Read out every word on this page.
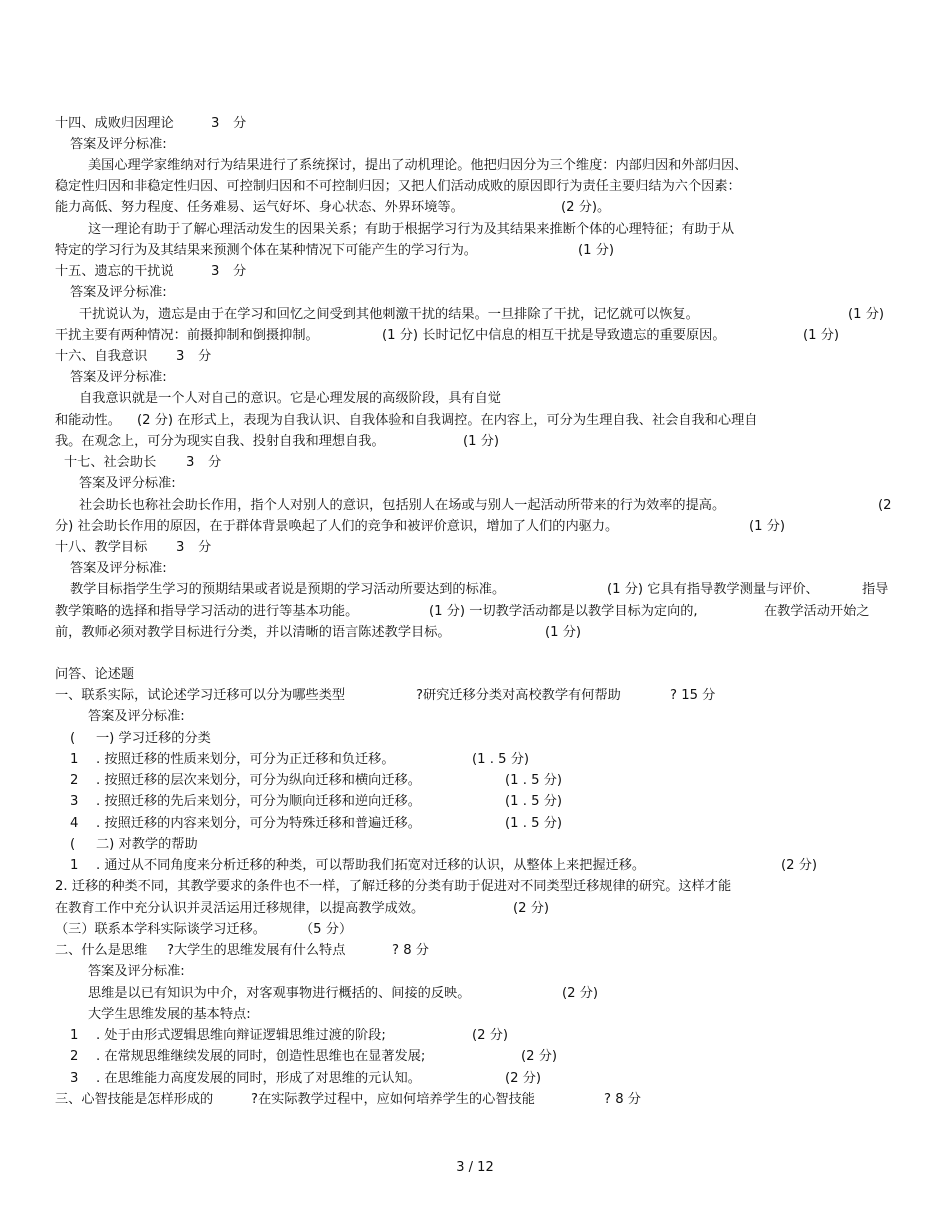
十四、成败归因理论	3 分
答案及评分标准:
美国心理学家维纳对行为结果进行了系统探讨，提出了动机理论。他把归因分为三个维度：内部归因和外部归因、
稳定性归因和非稳定性归因、可控制归因和不可控制归因；又把人们活动成败的原因即行为责任主要归结为六个因素：
能力高低、努力程度、任务难易、运气好坏、身心状态、外界环境等。	(2 分)。
这一理论有助于了解心理活动发生的因果关系；有助于根据学习行为及其结果来推断个体的心理特征；有助于从
特定的学习行为及其结果来预测个体在某种情况下可能产生的学习行为。	(1 分)
十五、遗忘的干扰说	3 分
答案及评分标准:
干扰说认为，遗忘是由于在学习和回忆之间受到其他刺激干扰的结果。一旦排除了干扰，记忆就可以恢复。	(1 分)
干扰主要有两种情况：前摄抑制和倒摄抑制。	(1 分) 长时记忆中信息的相互干扰是导致遗忘的重要原因。	(1 分)
十六、自我意识 3 分
答案及评分标准:
自我意识就是一个人对自己的意识。它是心理发展的高级阶段，具有自觉
和能动性。 (2 分) 在形式上，表现为自我认识、自我体验和自我调控。在内容上，可分为生理自我、社会自我和心理自
我。在观念上，可分为现实自我、投射自我和理想自我。	(1 分)
十七、社会助长 3 分
答案及评分标准:
社会助长也称社会助长作用，指个人对别人的意识，包括别人在场或与别人一起活动所带来的行为效率的提高。	(2
分) 社会助长作用的原因，在于群体背景唤起了人们的竞争和被评价意识，增加了人们的内驱力。	(1 分)
十八、教学目标 3 分
答案及评分标准:
教学目标指学生学习的预期结果或者说是预期的学习活动所要达到的标准。	(1 分) 它具有指导教学测量与评价、	指导
教学策略的选择和指导学习活动的进行等基本功能。	(1 分) 一切教学活动都是以教学目标为定向的,	在教学活动开始之
前，教师必须对教学目标进行分类，并以清晰的语言陈述教学目标。	(1 分)
问答、论述题
一、联系实际，试论述学习迁移可以分为哪些类型	?研究迁移分类对高校教学有何帮助	? 15 分
答案及评分标准:
( 一) 学习迁移的分类
1 . 按照迁移的性质来划分，可分为正迁移和负迁移。	(1 . 5 分)
2 . 按照迁移的层次来划分，可分为纵向迁移和横向迁移。	(1 . 5 分)
3 . 按照迁移的先后来划分，可分为顺向迁移和逆向迁移。	(1 . 5 分)
4 . 按照迁移的内容来划分，可分为特殊迁移和普遍迁移。	(1 . 5 分)
( 二) 对教学的帮助
1 . 通过从不同角度来分析迁移的种类，可以帮助我们拓宽对迁移的认识，从整体上来把握迁移。	(2 分)
2. 迁移的种类不同，其教学要求的条件也不一样，了解迁移的分类有助于促进对不同类型迁移规律的研究。这样才能
在教育工作中充分认识并灵活运用迁移规律，以提高教学成效。	(2 分)
（三）联系本学科实际谈学习迁移。	（5 分）
二、什么是思维 ?大学生的思维发展有什么特点	? 8 分
答案及评分标准:
思维是以已有知识为中介，对客观事物进行概括的、间接的反映。	(2 分)
大学生思维发展的基本特点:
1 . 处于由形式逻辑思维向辩证逻辑思维过渡的阶段;	(2 分)
2 . 在常规思维继续发展的同时，创造性思维也在显著发展;	(2 分)
3 . 在思维能力高度发展的同时，形成了对思维的元认知。	(2 分)
三、心智技能是怎样形成的	?在实际教学过程中，应如何培养学生的心智技能	? 8 分
3 / 12
